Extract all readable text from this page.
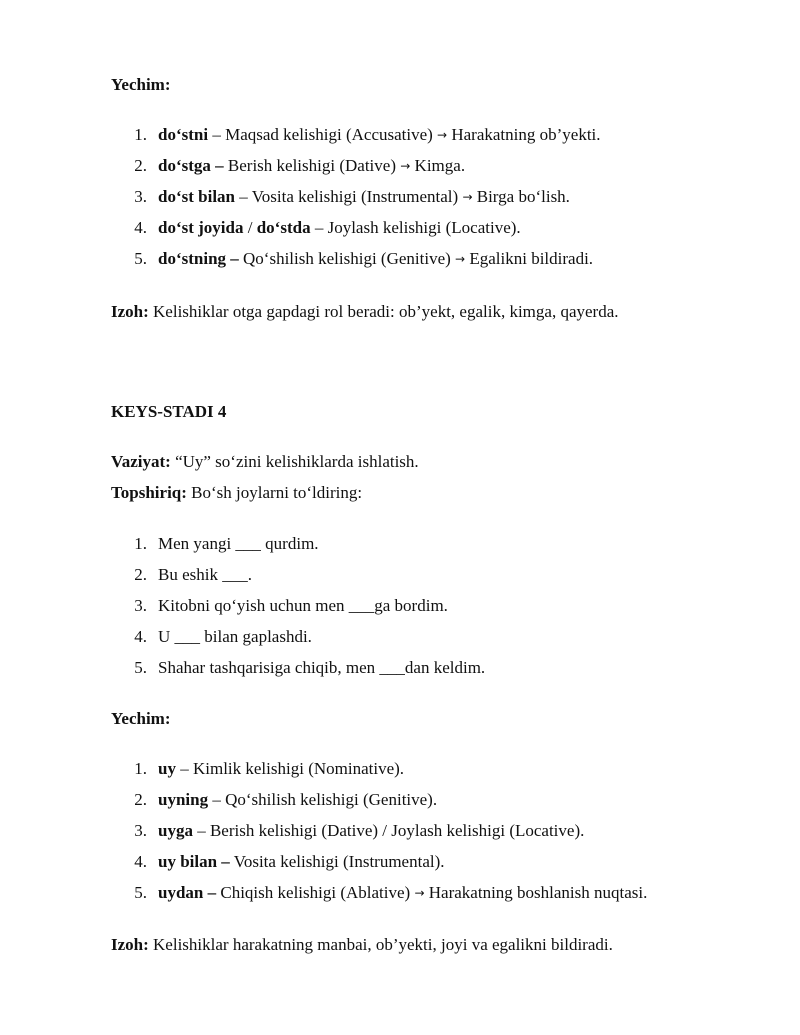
Yechim:
1. do‘stni – Maqsad kelishigi (Accusative) → Harakatning ob’yekti.
2. do‘stga – Berish kelishigi (Dative) → Kimga.
3. do‘st bilan – Vosita kelishigi (Instrumental) → Birga bo‘lish.
4. do‘st joyida / do‘stda – Joylash kelishigi (Locative).
5. do‘stning – Qo‘shilish kelishigi (Genitive) → Egalikni bildiradi.
Izoh: Kelishiklar otga gapdagi rol beradi: ob’yekt, egalik, kimga, qayerda.
KEYS-STADI 4
Vaziyat: “Uy” so‘zini kelishiklarda ishlatish.
Topshiriq: Bo‘sh joylarni to‘ldiring:
1. Men yangi ___ qurdim.
2. Bu eshik ___.
3. Kitobni qo‘yish uchun men ___ga bordim.
4. U ___ bilan gaplashdi.
5. Shahar tashqarisiga chiqib, men ___dan keldim.
Yechim:
1. uy – Kimlik kelishigi (Nominative).
2. uyning – Qo‘shilish kelishigi (Genitive).
3. uyga – Berish kelishigi (Dative) / Joylash kelishigi (Locative).
4. uy bilan – Vosita kelishigi (Instrumental).
5. uydan – Chiqish kelishigi (Ablative) → Harakatning boshlanish nuqtasi.
Izoh: Kelishiklar harakatning manbai, ob’yekti, joyi va egalikni bildiradi.
